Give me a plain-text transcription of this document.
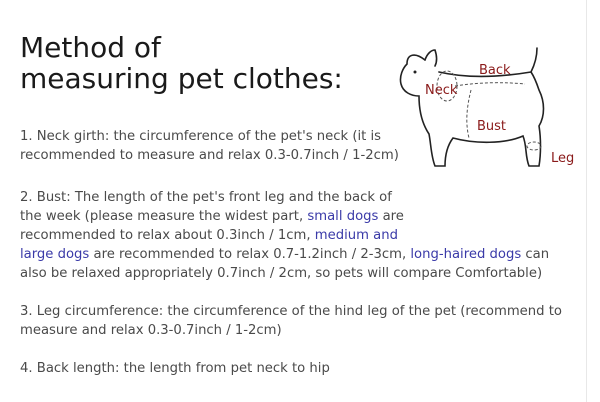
Method of
measuring pet clothes:	Back
Neck
Bust
Leg

1. Neck girth: the circumference of the pet's neck (it is
recommended to measure and relax 0.3-0.7inch / 1-2cm)

2. Bust: The length of the pet's front leg and the back of
the week (please measure the widest part, small dogs are
recommended to relax about 0.3inch / 1cm, medium and
large dogs are recommended to relax 0.7-1.2inch / 2-3cm, long-haired dogs can
also be relaxed appropriately 0.7inch / 2cm, so pets will compare Comfortable)

3. Leg circumference: the circumference of the hind leg of the pet (recommend to
measure and relax 0.3-0.7inch / 1-2cm)

4. Back length: the length from pet neck to hip
